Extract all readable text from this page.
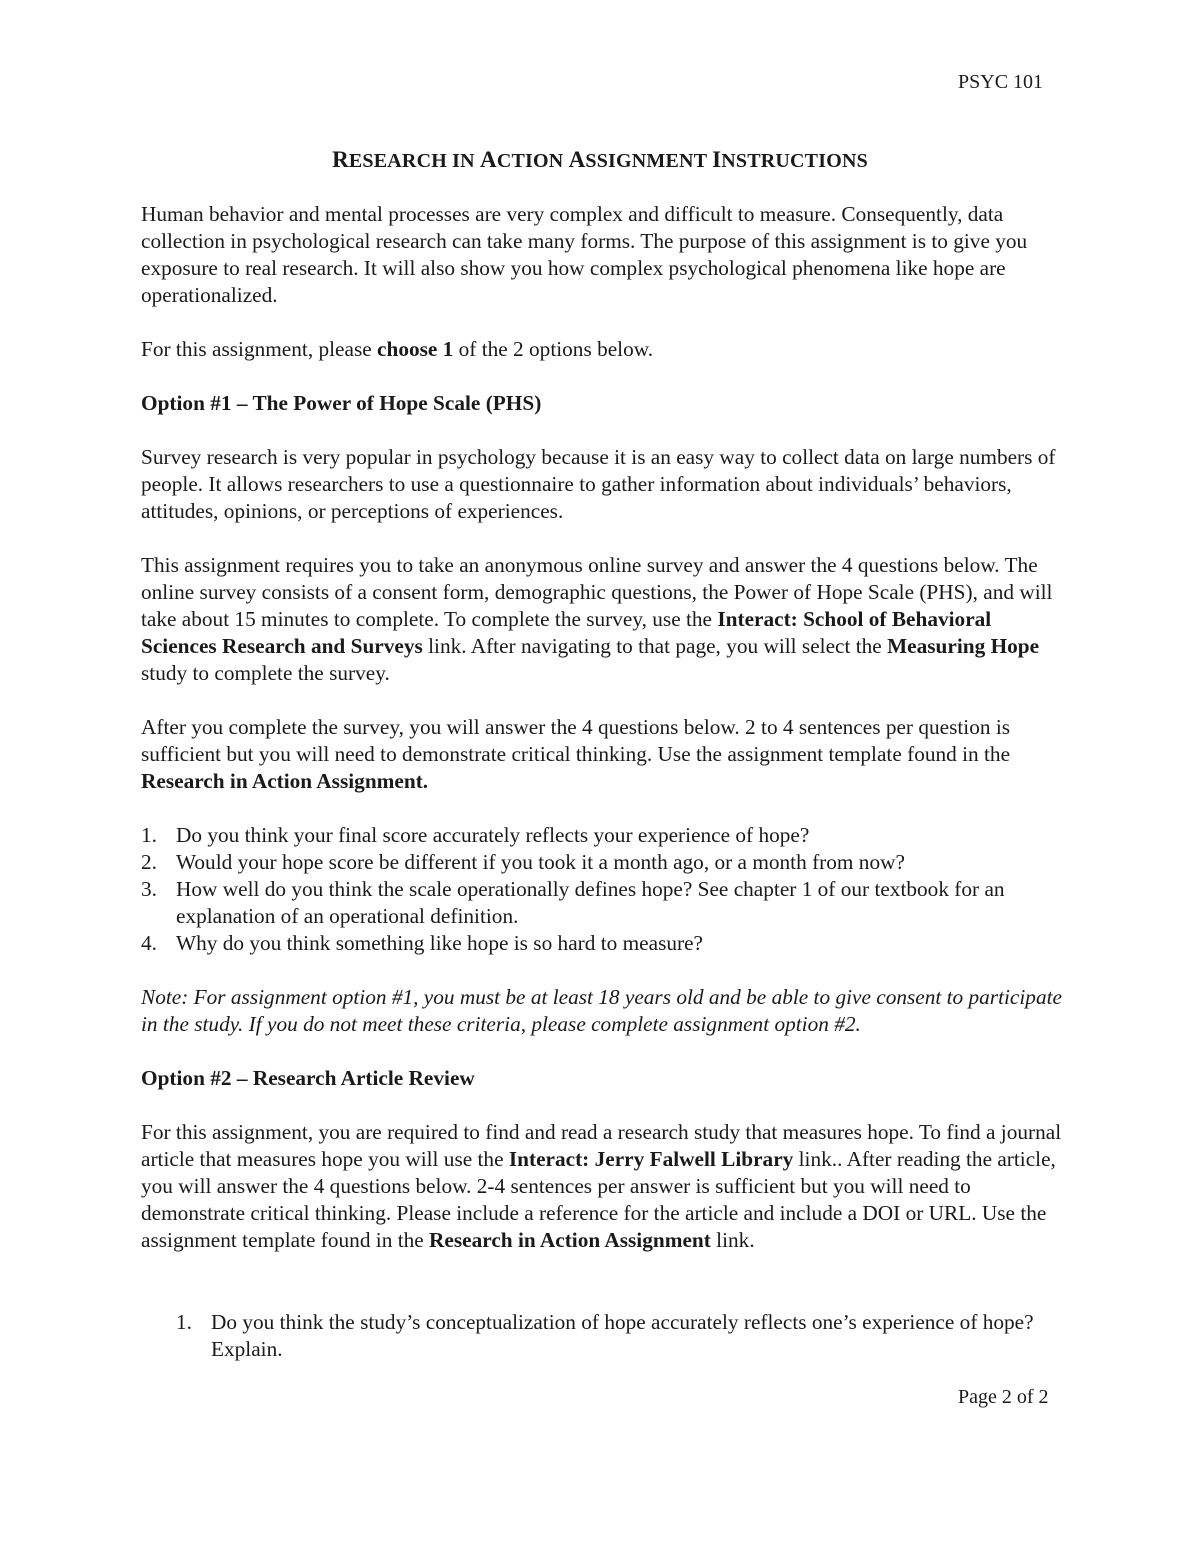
PSYC 101
RESEARCH IN ACTION ASSIGNMENT INSTRUCTIONS

Human behavior and mental processes are very complex and difficult to measure. Consequently, data collection in psychological research can take many forms. The purpose of this assignment is to give you exposure to real research. It will also show you how complex psychological phenomena like hope are operationalized.

For this assignment, please choose 1 of the 2 options below.

Option #1 – The Power of Hope Scale (PHS)

Survey research is very popular in psychology because it is an easy way to collect data on large numbers of people. It allows researchers to use a questionnaire to gather information about individuals’ behaviors, attitudes, opinions, or perceptions of experiences.

This assignment requires you to take an anonymous online survey and answer the 4 questions below. The online survey consists of a consent form, demographic questions, the Power of Hope Scale (PHS), and will take about 15 minutes to complete. To complete the survey, use the Interact: School of Behavioral Sciences Research and Surveys link. After navigating to that page, you will select the Measuring Hope study to complete the survey.

After you complete the survey, you will answer the 4 questions below. 2 to 4 sentences per question is sufficient but you will need to demonstrate critical thinking. Use the assignment template found in the Research in Action Assignment.

1. Do you think your final score accurately reflects your experience of hope?
2. Would your hope score be different if you took it a month ago, or a month from now?
3. How well do you think the scale operationally defines hope? See chapter 1 of our textbook for an explanation of an operational definition.
4. Why do you think something like hope is so hard to measure?

Note: For assignment option #1, you must be at least 18 years old and be able to give consent to participate in the study. If you do not meet these criteria, please complete assignment option #2.

Option #2 – Research Article Review

For this assignment, you are required to find and read a research study that measures hope. To find a journal article that measures hope you will use the Interact: Jerry Falwell Library link.. After reading the article, you will answer the 4 questions below. 2-4 sentences per answer is sufficient but you will need to demonstrate critical thinking. Please include a reference for the article and include a DOI or URL. Use the assignment template found in the Research in Action Assignment link.

1. Do you think the study’s conceptualization of hope accurately reflects one’s experience of hope? Explain.
Page 2 of 2
